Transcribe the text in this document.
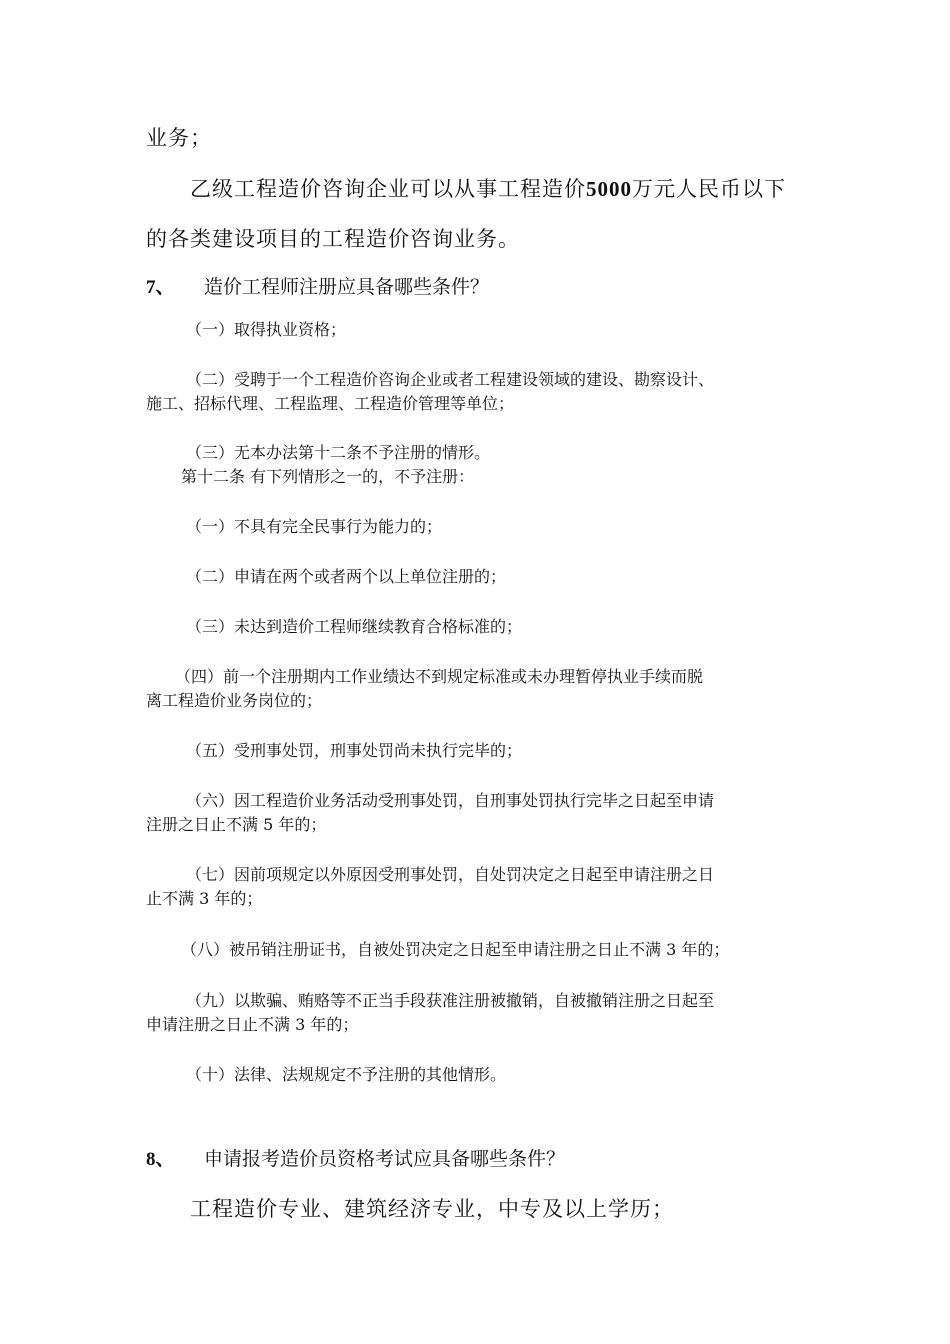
业务；

乙级工程造价咨询企业可以从事工程造价5000万元人民币以下

的各类建设项目的工程造价咨询业务。

7、 造价工程师注册应具备哪些条件？

（一）取得执业资格；

（二）受聘于一个工程造价咨询企业或者工程建设领域的建设、勘察设计、

施工、招标代理、工程监理、工程造价管理等单位；

（三）无本办法第十二条不予注册的情形。

第十二条 有下列情形之一的，不予注册：

（一）不具有完全民事行为能力的；

（二）申请在两个或者两个以上单位注册的；

（三）未达到造价工程师继续教育合格标准的；

（四）前一个注册期内工作业绩达不到规定标准或未办理暂停执业手续而脱

离工程造价业务岗位的；

（五）受刑事处罚，刑事处罚尚未执行完毕的；

（六）因工程造价业务活动受刑事处罚，自刑事处罚执行完毕之日起至申请

注册之日止不满 5 年的；

（七）因前项规定以外原因受刑事处罚，自处罚决定之日起至申请注册之日

止不满 3 年的；

（八）被吊销注册证书，自被处罚决定之日起至申请注册之日止不满 3 年的；

（九）以欺骗、贿赂等不正当手段获准注册被撤销，自被撤销注册之日起至

申请注册之日止不满 3 年的；

（十）法律、法规规定不予注册的其他情形。

8、 申请报考造价员资格考试应具备哪些条件？

工程造价专业、建筑经济专业，中专及以上学历；
